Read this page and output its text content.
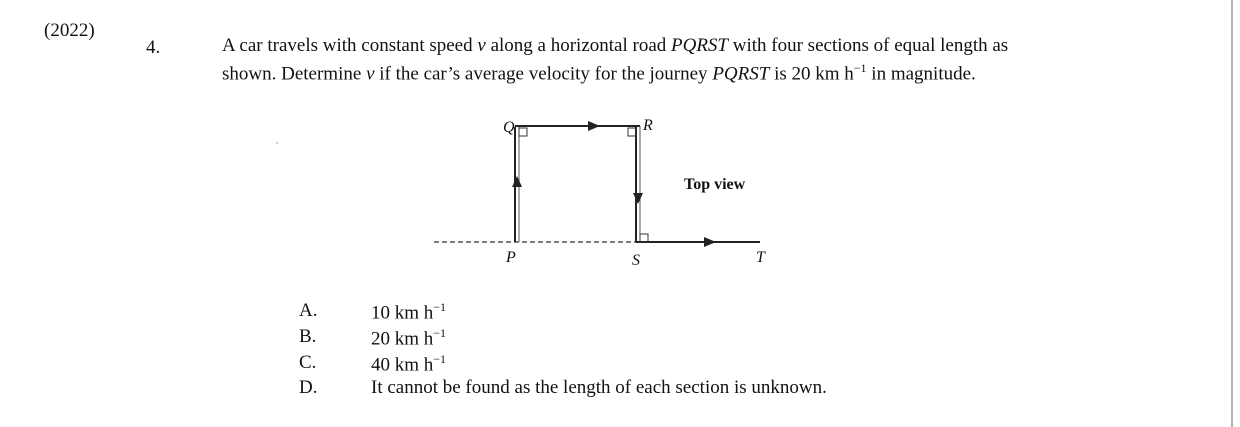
(2022)
4.	A car travels with constant speed v along a horizontal road PQRST with four sections of equal length as
shown. Determine v if the car’s average velocity for the journey PQRST is 20 km $h^{-1}$ in magnitude.
P
Q	R
S	T
Top view
A.	10 km $h^{-1}$
B.	20 km $h^{-1}$
C.	40 km $h^{-1}$
D.	It cannot be found as the length of each section is unknown.
